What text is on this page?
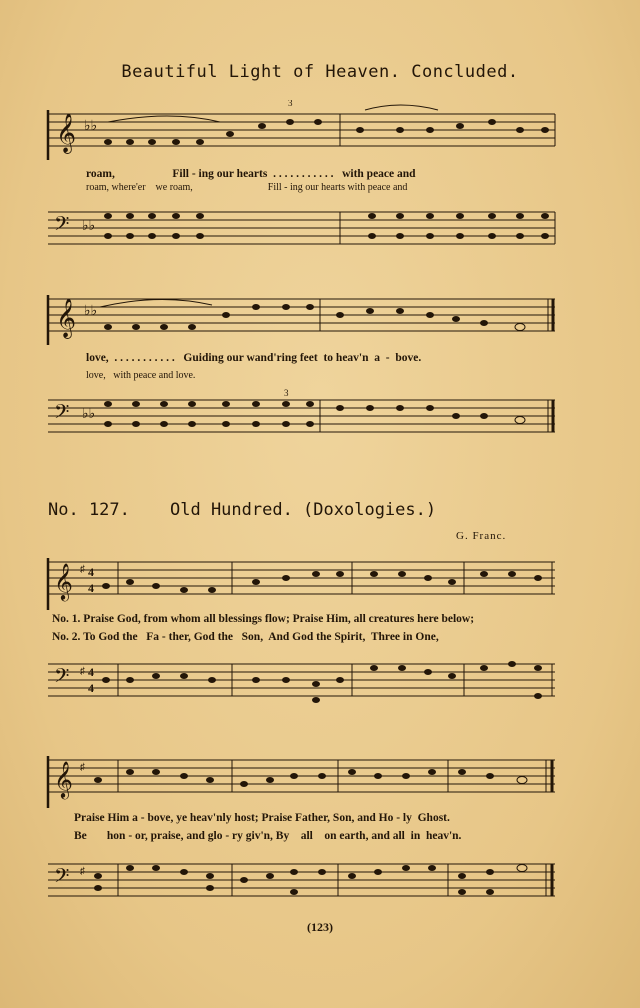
Beautiful Light of Heaven. Concluded.
𝄞 ♭♭
3
roam,                    Fill - ing our hearts  . . . . . . . . . . .   with peace and
roam, where'er    we roam,                              Fill - ing our hearts with peace and
𝄢 ♭♭
𝄞 ♭♭
love,  . . . . . . . . . . .   Guiding our wand'ring feet  to heav'n  a  -  bove.
love,   with peace and love.
𝄢 ♭♭
3
No. 127. Old Hundred. (Doxologies.)
G. Franc.
𝄞 ♯ 4
4
No. 1. Praise God, from whom all blessings flow; Praise Him, all creatures here below;
No. 2. To God the   Fa - ther, God the   Son,  And God the Spirit,  Three in One,
𝄢 ♯ 4
4
𝄞 ♯
Praise Him a - bove, ye heav'nly host; Praise Father, Son, and Ho - ly  Ghost.
Be       hon - or, praise, and glo - ry giv'n, By    all    on earth, and all  in  heav'n.
𝄢 ♯
(123)
